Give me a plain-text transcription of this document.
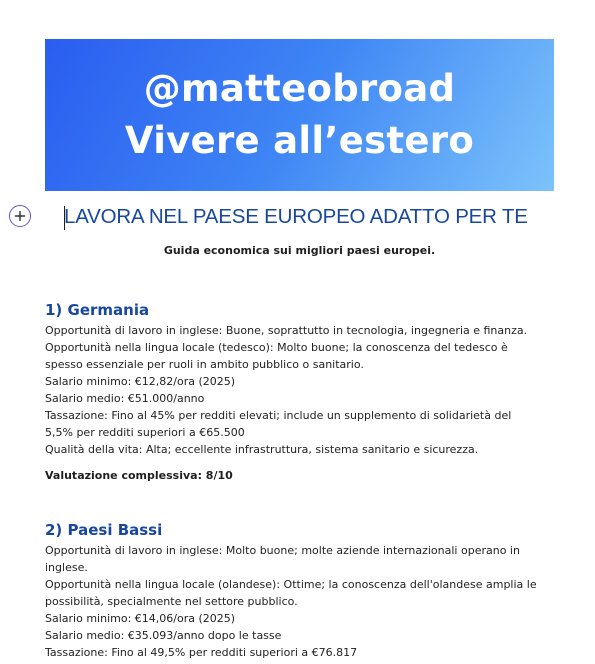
@matteobroad
Vivere all’estero
LAVORA NEL PAESE EUROPEO ADATTO PER TE
Guida economica sui migliori paesi europei.
1) Germania
Opportunità di lavoro in inglese: Buone, soprattutto in tecnologia, ingegneria e finanza.
Opportunità nella lingua locale (tedesco): Molto buone; la conoscenza del tedesco è
spesso essenziale per ruoli in ambito pubblico o sanitario.
Salario minimo: €12,82/ora (2025)
Salario medio: €51.000/anno
Tassazione: Fino al 45% per redditi elevati; include un supplemento di solidarietà del
5,5% per redditi superiori a €65.500
Qualità della vita: Alta; eccellente infrastruttura, sistema sanitario e sicurezza.
Valutazione complessiva: 8/10
2) Paesi Bassi
Opportunità di lavoro in inglese: Molto buone; molte aziende internazionali operano in
inglese.
Opportunità nella lingua locale (olandese): Ottime; la conoscenza dell'olandese amplia le
possibilità, specialmente nel settore pubblico.
Salario minimo: €14,06/ora (2025)
Salario medio: €35.093/anno dopo le tasse
Tassazione: Fino al 49,5% per redditi superiori a €76.817
